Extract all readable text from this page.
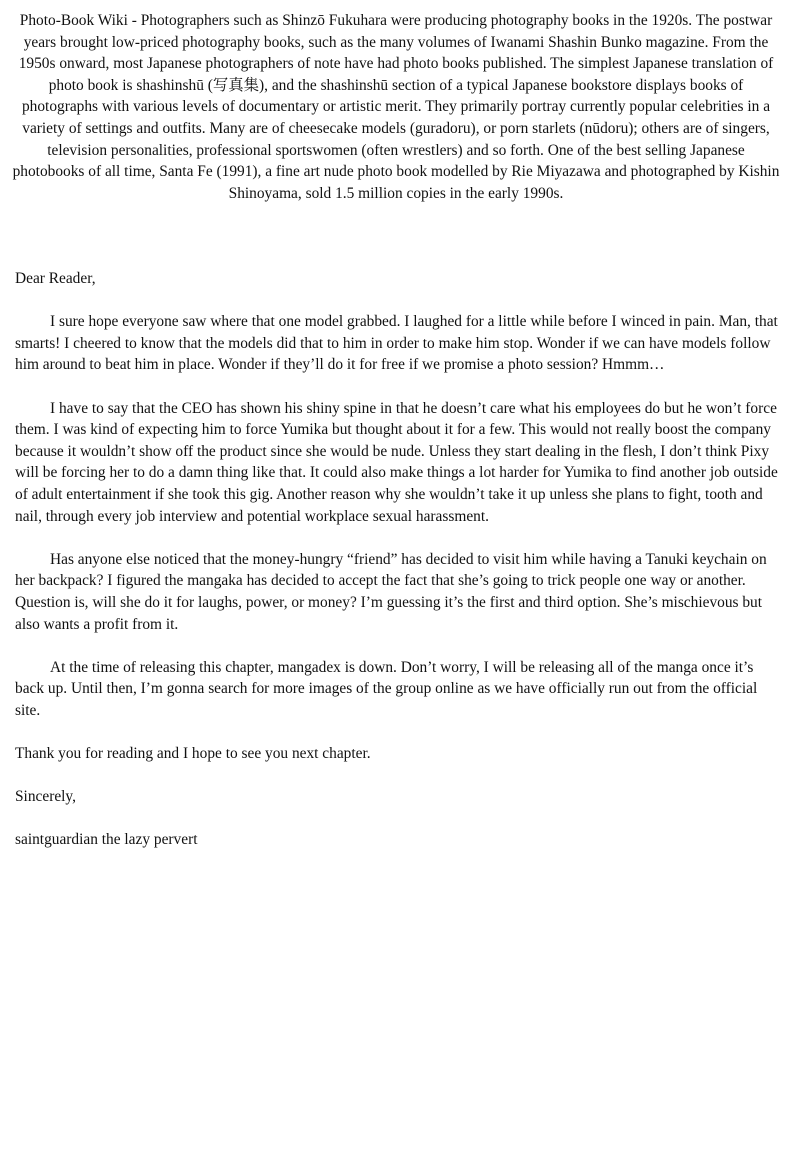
Photo-Book Wiki - Photographers such as Shinzō Fukuhara were producing photography books in the 1920s. The postwar years brought low-priced photography books, such as the many volumes of Iwanami Shashin Bunko magazine. From the 1950s onward, most Japanese photographers of note have had photo books published. The simplest Japanese translation of photo book is shashinshū (写真集), and the shashinshū section of a typical Japanese bookstore displays books of photographs with various levels of documentary or artistic merit. They primarily portray currently popular celebrities in a variety of settings and outfits. Many are of cheesecake models (guradoru), or porn starlets (nūdoru); others are of singers, television personalities, professional sportswomen (often wrestlers) and so forth. One of the best selling Japanese photobooks of all time, Santa Fe (1991), a fine art nude photo book modelled by Rie Miyazawa and photographed by Kishin Shinoyama, sold 1.5 million copies in the early 1990s.

Dear Reader,

I sure hope everyone saw where that one model grabbed. I laughed for a little while before I winced in pain. Man, that smarts! I cheered to know that the models did that to him in order to make him stop. Wonder if we can have models follow him around to beat him in place. Wonder if they’ll do it for free if we promise a photo session? Hmmm…

I have to say that the CEO has shown his shiny spine in that he doesn’t care what his employees do but he won’t force them. I was kind of expecting him to force Yumika but thought about it for a few. This would not really boost the company because it wouldn’t show off the product since she would be nude. Unless they start dealing in the flesh, I don’t think Pixy will be forcing her to do a damn thing like that. It could also make things a lot harder for Yumika to find another job outside of adult entertainment if she took this gig. Another reason why she wouldn’t take it up unless she plans to fight, tooth and nail, through every job interview and potential workplace sexual harassment.

Has anyone else noticed that the money-hungry “friend” has decided to visit him while having a Tanuki keychain on her backpack? I figured the mangaka has decided to accept the fact that she’s going to trick people one way or another. Question is, will she do it for laughs, power, or money? I’m guessing it’s the first and third option. She’s mischievous but also wants a profit from it.

At the time of releasing this chapter, mangadex is down. Don’t worry, I will be releasing all of the manga once it’s back up. Until then, I’m gonna search for more images of the group online as we have officially run out from the official site.

Thank you for reading and I hope to see you next chapter.

Sincerely,

saintguardian the lazy pervert
